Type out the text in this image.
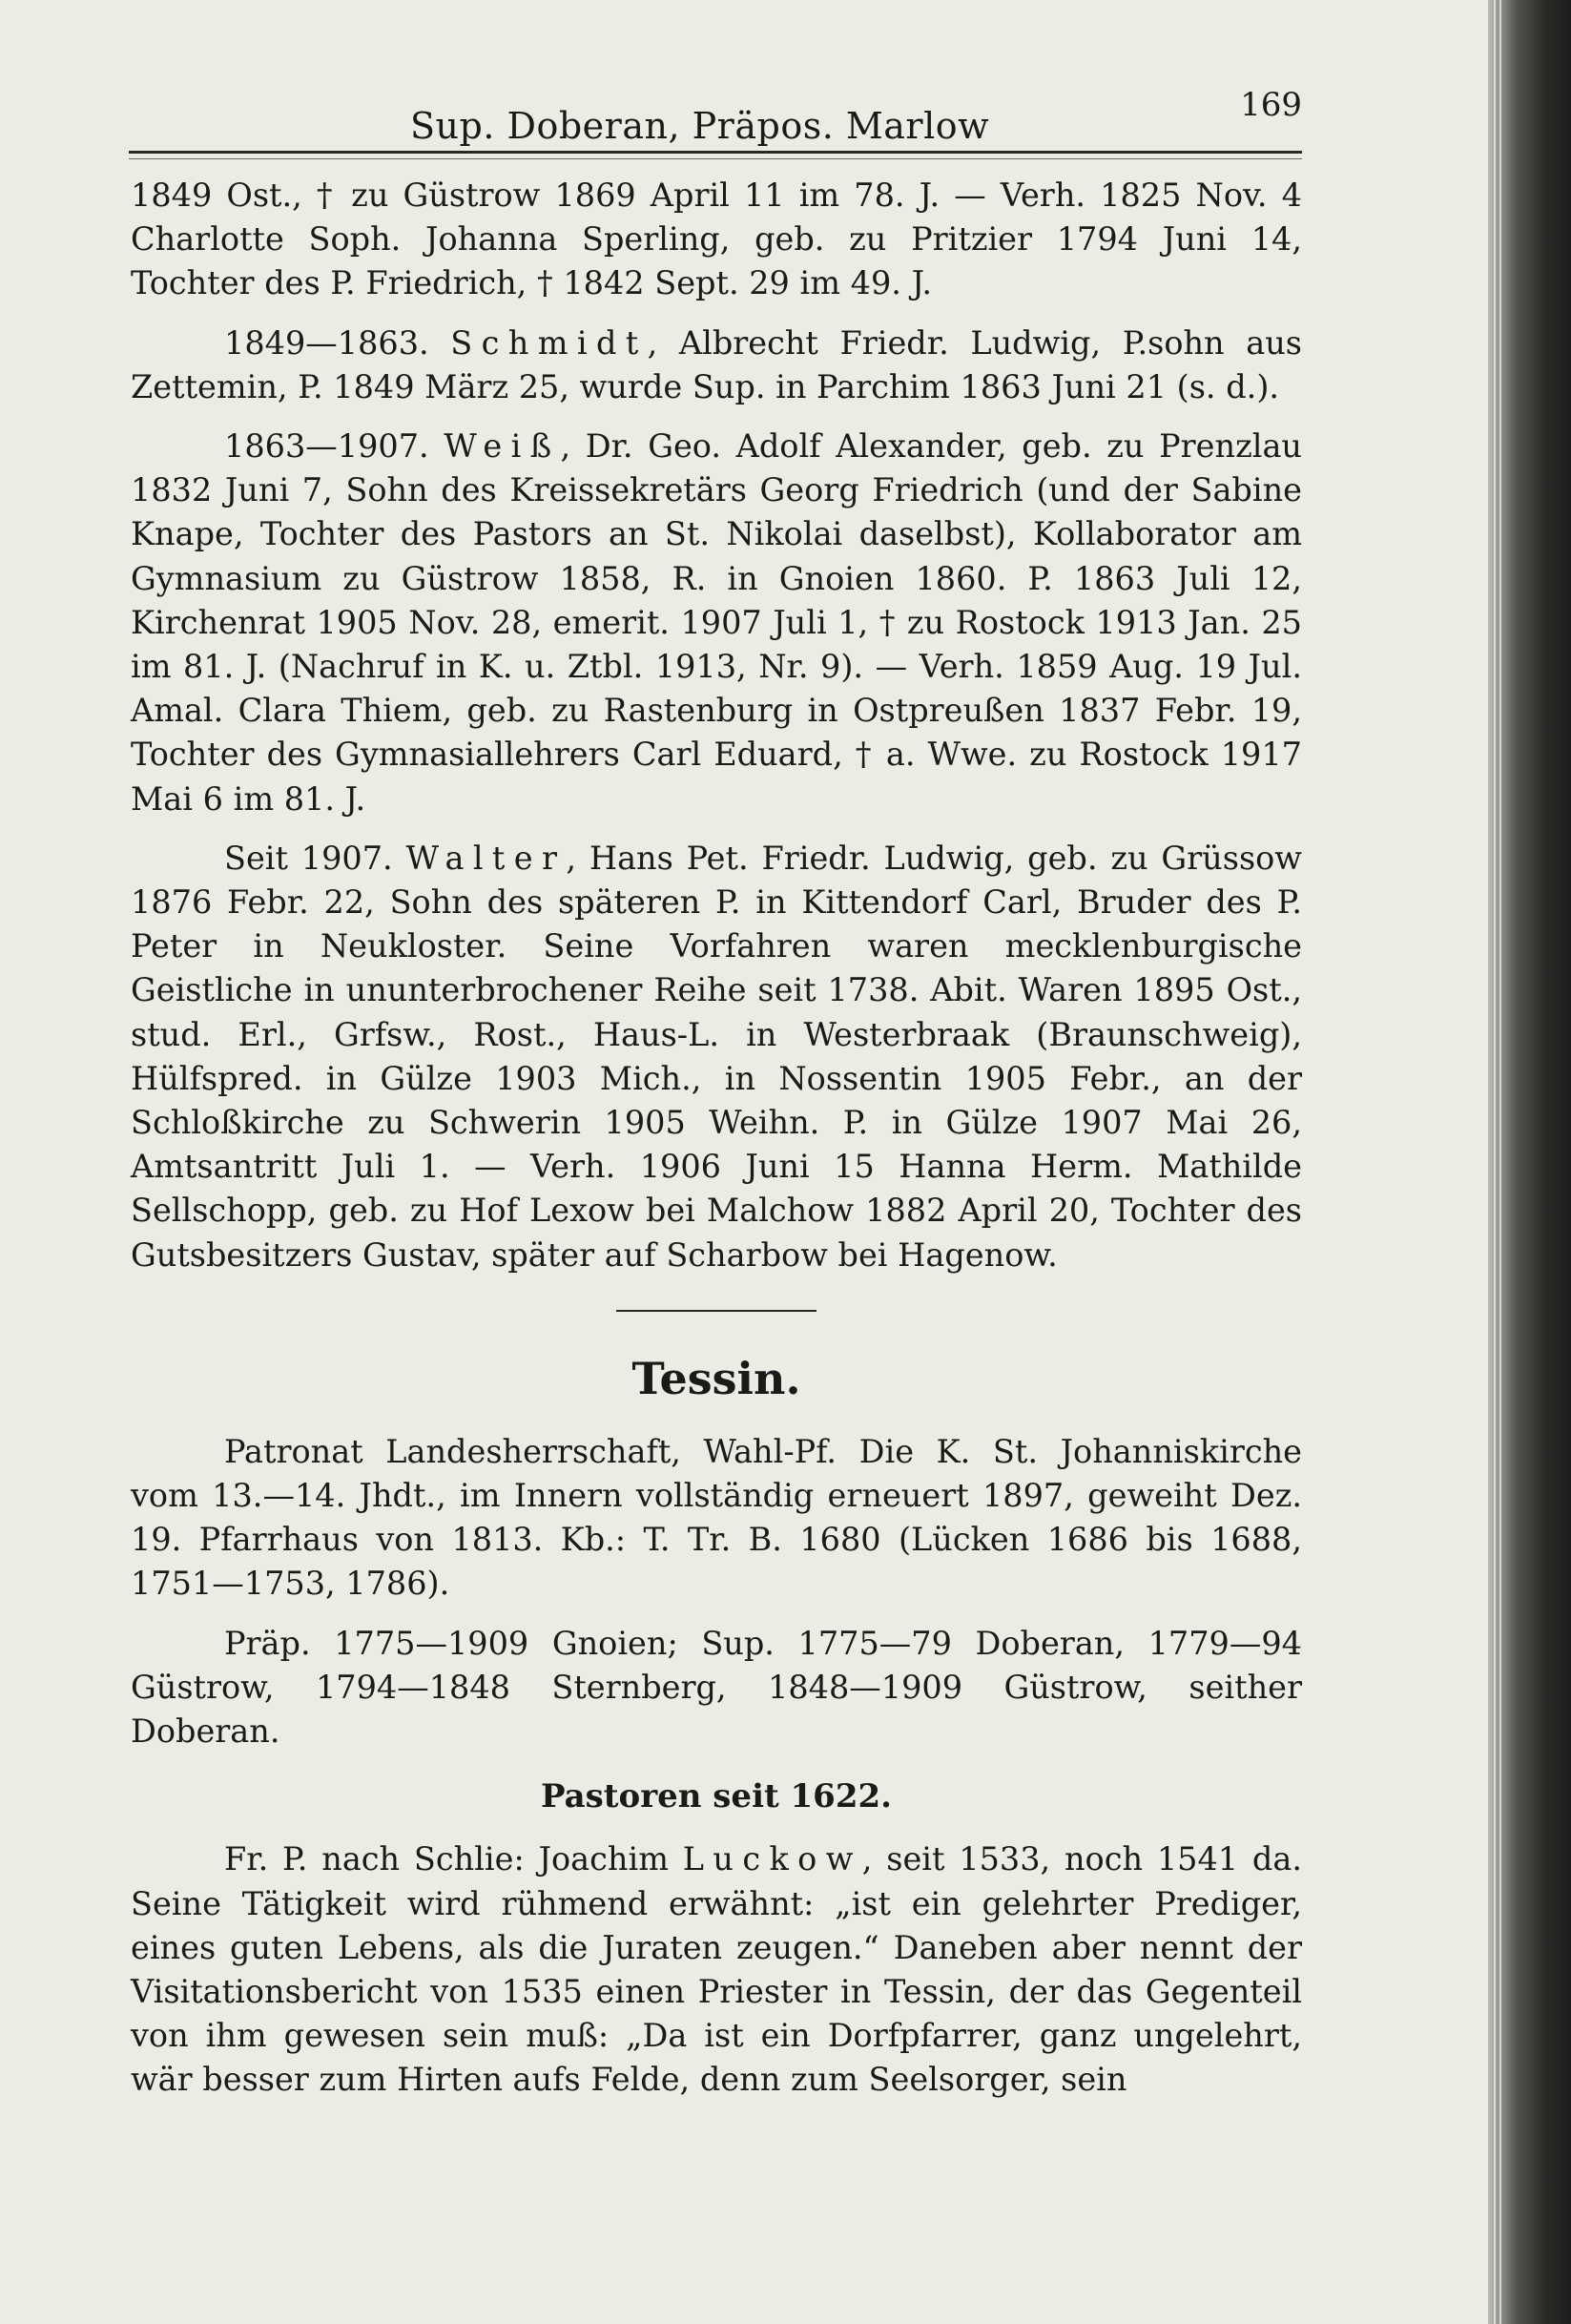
Sup. Doberan, Präpos. Marlow	169

1849 Ost., † zu Güstrow 1869 April 11 im 78. J. — Verh. 1825 Nov. 4 Charlotte Soph. Johanna Sperling, geb. zu Pritzier 1794 Juni 14, Tochter des P. Friedrich, † 1842 Sept. 29 im 49. J.

1849—1863. Schmidt, Albrecht Friedr. Ludwig, P.sohn aus Zettemin, P. 1849 März 25, wurde Sup. in Parchim 1863 Juni 21 (s. d.).

1863—1907. Weiß, Dr. Geo. Adolf Alexander, geb. zu Prenzlau 1832 Juni 7, Sohn des Kreissekretärs Georg Friedrich (und der Sabine Knape, Tochter des Pastors an St. Nikolai daselbst), Kollaborator am Gymnasium zu Güstrow 1858, R. in Gnoien 1860. P. 1863 Juli 12, Kirchenrat 1905 Nov. 28, emerit. 1907 Juli 1, † zu Rostock 1913 Jan. 25 im 81. J. (Nachruf in K. u. Ztbl. 1913, Nr. 9). — Verh. 1859 Aug. 19 Jul. Amal. Clara Thiem, geb. zu Rastenburg in Ostpreußen 1837 Febr. 19, Tochter des Gymnasiallehrers Carl Eduard, † a. Wwe. zu Rostock 1917 Mai 6 im 81. J.

Seit 1907. Walter, Hans Pet. Friedr. Ludwig, geb. zu Grüssow 1876 Febr. 22, Sohn des späteren P. in Kittendorf Carl, Bruder des P. Peter in Neukloster. Seine Vorfahren waren mecklenburgische Geistliche in ununterbrochener Reihe seit 1738. Abit. Waren 1895 Ost., stud. Erl., Grfsw., Rost., Haus-L. in Westerbraak (Braunschweig), Hülfspred. in Gülze 1903 Mich., in Nossentin 1905 Febr., an der Schloßkirche zu Schwerin 1905 Weihn. P. in Gülze 1907 Mai 26, Amtsantritt Juli 1. — Verh. 1906 Juni 15 Hanna Herm. Mathilde Sellschopp, geb. zu Hof Lexow bei Malchow 1882 April 20, Tochter des Gutsbesitzers Gustav, später auf Scharbow bei Hagenow.

Tessin.

Patronat Landesherrschaft, Wahl-Pf. Die K. St. Johanniskirche vom 13.—14. Jhdt., im Innern vollständig erneuert 1897, geweiht Dez. 19. Pfarrhaus von 1813. Kb.: T. Tr. B. 1680 (Lücken 1686 bis 1688, 1751—1753, 1786).

Präp. 1775—1909 Gnoien; Sup. 1775—79 Doberan, 1779—94 Güstrow, 1794—1848 Sternberg, 1848—1909 Güstrow, seither Doberan.

Pastoren seit 1622.

Fr. P. nach Schlie: Joachim Luckow, seit 1533, noch 1541 da. Seine Tätigkeit wird rühmend erwähnt: „ist ein gelehrter Prediger, eines guten Lebens, als die Juraten zeugen.“ Daneben aber nennt der Visitationsbericht von 1535 einen Priester in Tessin, der das Gegenteil von ihm gewesen sein muß: „Da ist ein Dorfpfarrer, ganz ungelehrt, wär besser zum Hirten aufs Felde, denn zum Seelsorger, sein
